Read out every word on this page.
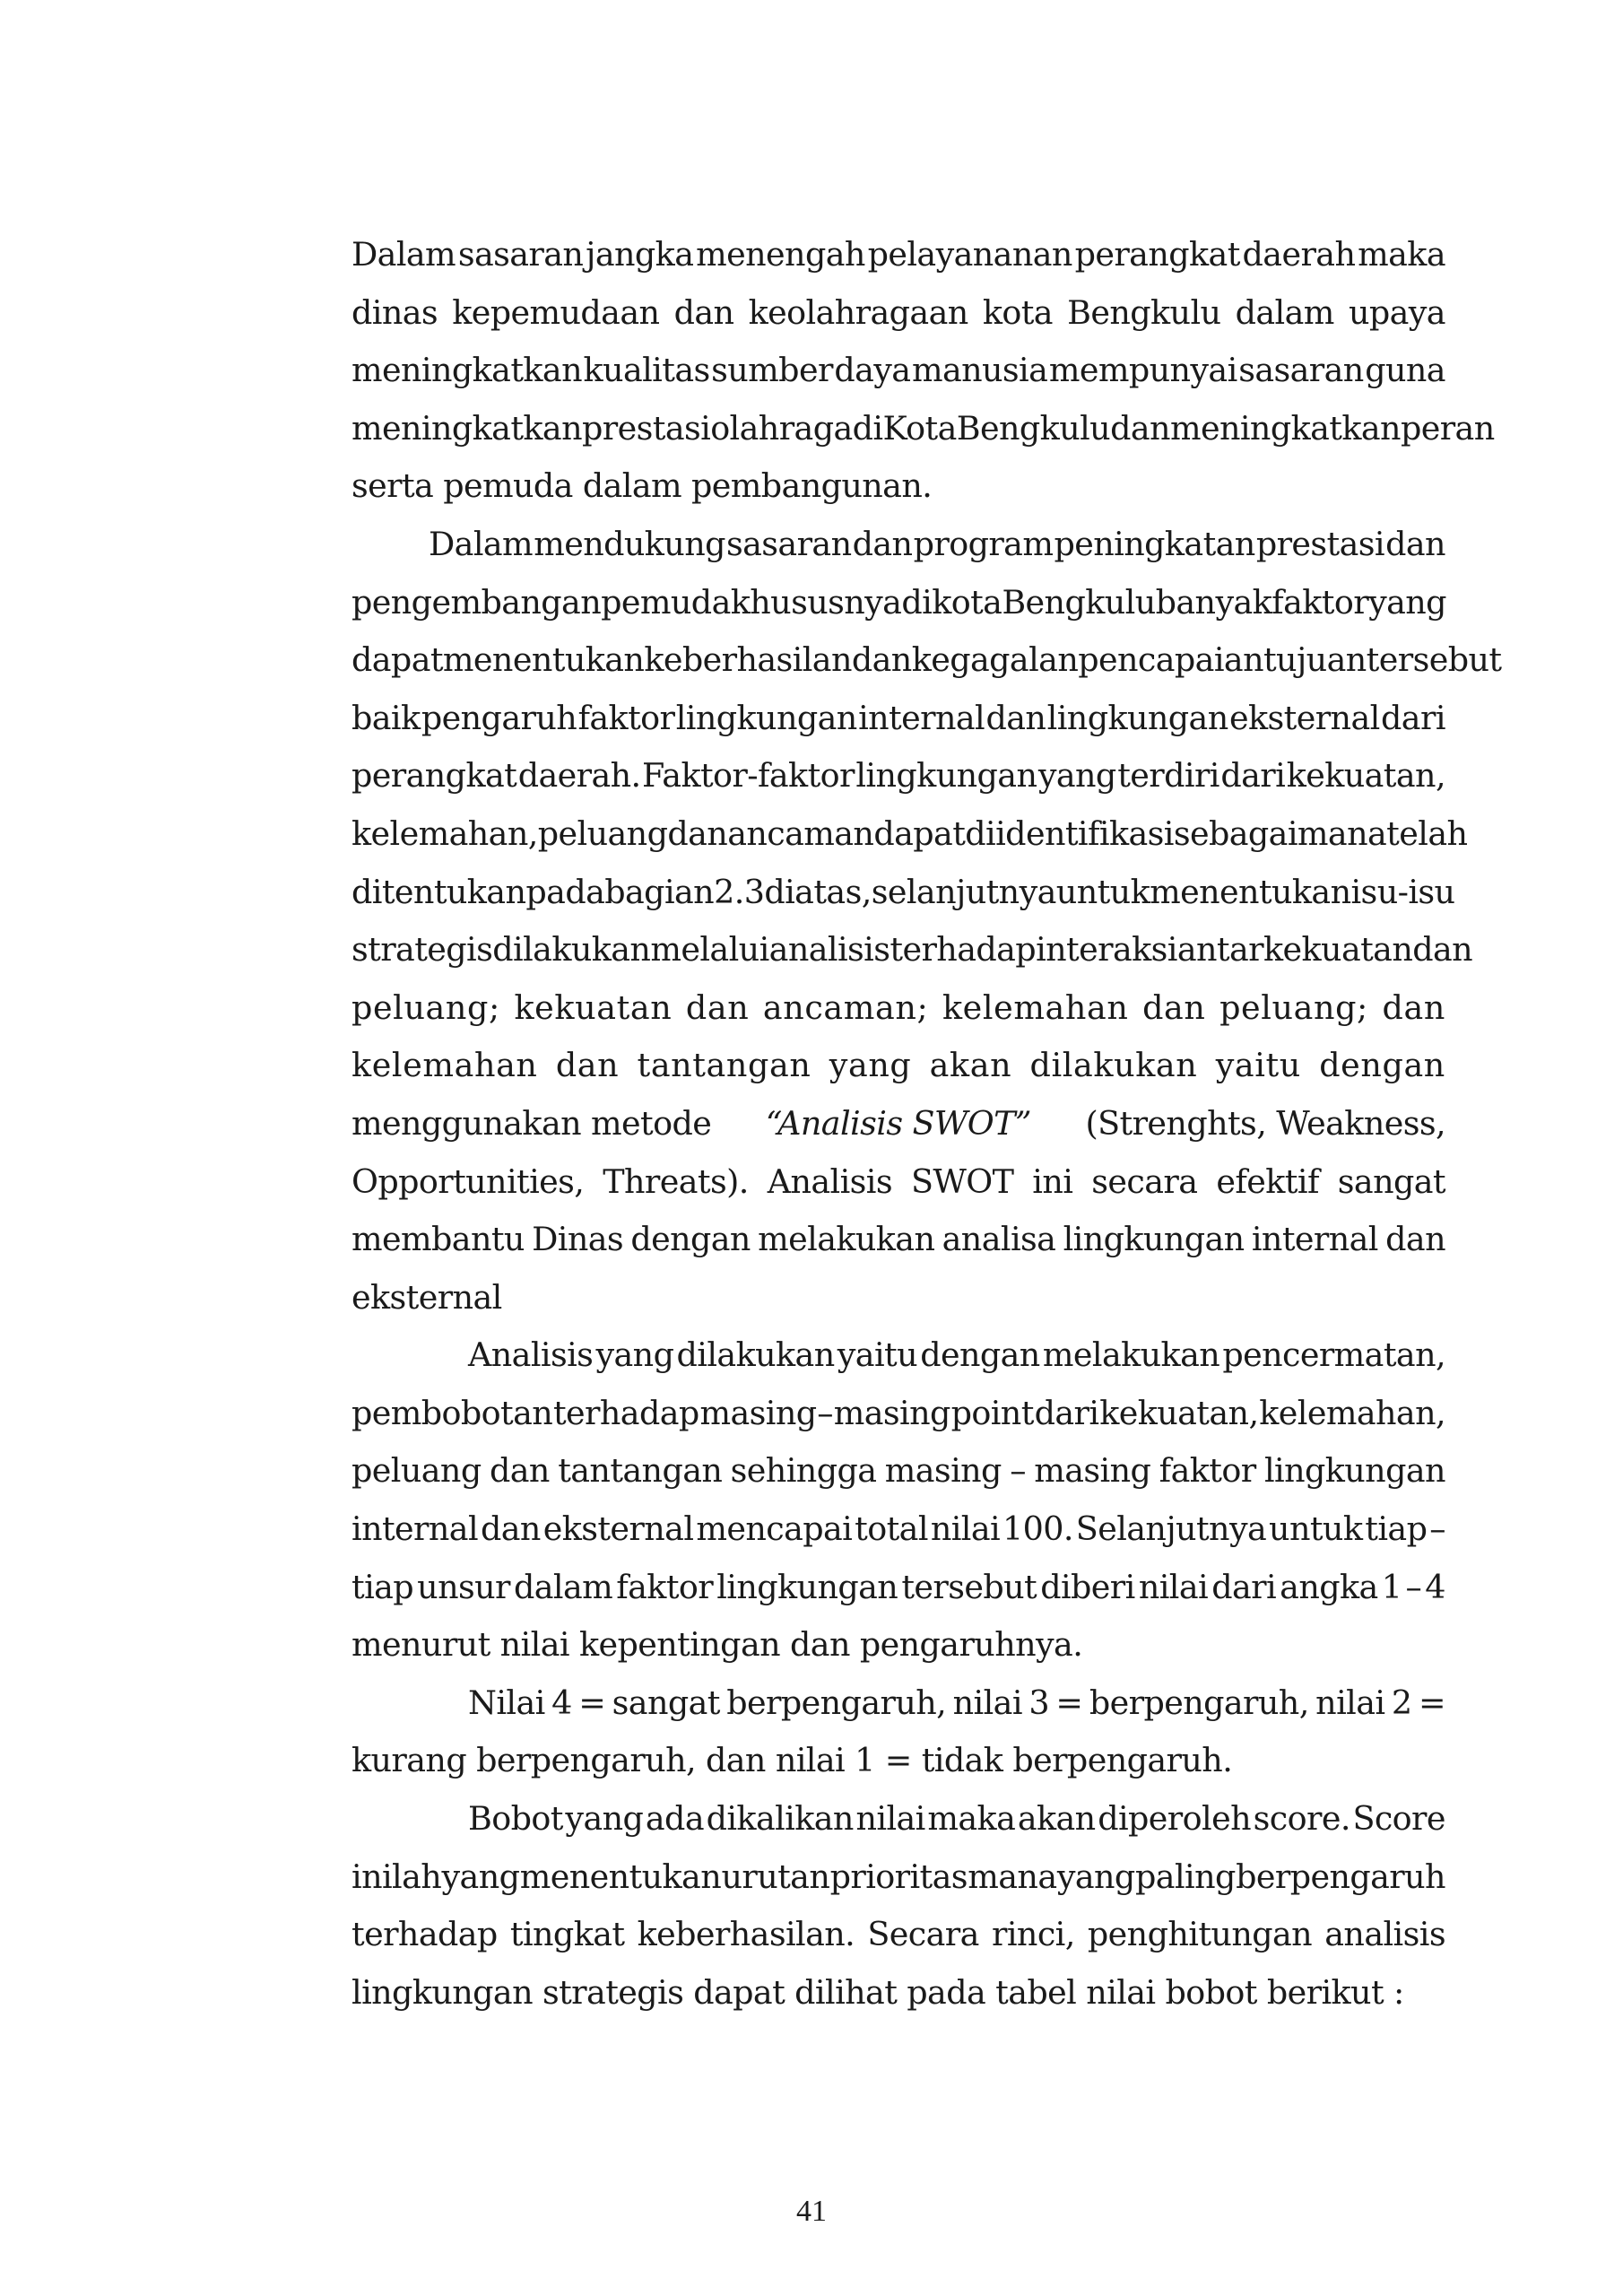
Dalam sasaran jangka menengah pelayananan perangkat daerah maka
dinas kepemudaan dan keolahragaan kota Bengkulu dalam upaya
meningkatkan kualitas sumber daya manusia mempunyai sasaran guna
meningkatkan prestasi olahraga di Kota Bengkulu dan meningkatkan peran
serta pemuda dalam pembangunan.
Dalam mendukung sasaran dan program peningkatan prestasi dan
pengembangan pemuda khususnya di kota Bengkulu banyak faktor yang
dapat menentukan keberhasilan dan kegagalan pencapaian tujuan tersebut
baik pengaruh faktor lingkungan internal dan lingkungan eksternal dari
perangkat daerah. Faktor-faktor lingkungan yang terdiri dari kekuatan,
kelemahan, peluang dan ancaman dapat diidentifikasi sebagaimana telah
ditentukan pada bagian 2.3 diatas, selanjutnya untuk menentukan isu-isu
strategis dilakukan melalui analisis terhadap interaksi antar kekuatan dan
peluang; kekuatan dan ancaman; kelemahan dan peluang; dan
kelemahan dan tantangan yang akan dilakukan yaitu dengan
menggunakan metode “Analisis SWOT” (Strenghts, Weakness,
Opportunities, Threats). Analisis SWOT ini secara efektif sangat
membantu Dinas dengan melakukan analisa lingkungan internal dan
eksternal
Analisis yang dilakukan yaitu dengan melakukan pencermatan,
pembobotan terhadap masing – masing point dari kekuatan, kelemahan,
peluang dan tantangan sehingga masing – masing faktor lingkungan
internal dan eksternal mencapai total nilai 100. Selanjutnya untuk tiap –
tiap unsur dalam faktor lingkungan tersebut diberi nilai dari angka 1 – 4
menurut nilai kepentingan dan pengaruhnya.
Nilai 4 = sangat berpengaruh, nilai 3 = berpengaruh, nilai 2 =
kurang berpengaruh, dan nilai 1 = tidak berpengaruh.
Bobot yang ada dikalikan nilai maka akan diperoleh score. Score
inilah yang menentukan urutan prioritas mana yang paling berpengaruh
terhadap tingkat keberhasilan. Secara rinci, penghitungan analisis
lingkungan strategis dapat dilihat pada tabel nilai bobot berikut :
41
